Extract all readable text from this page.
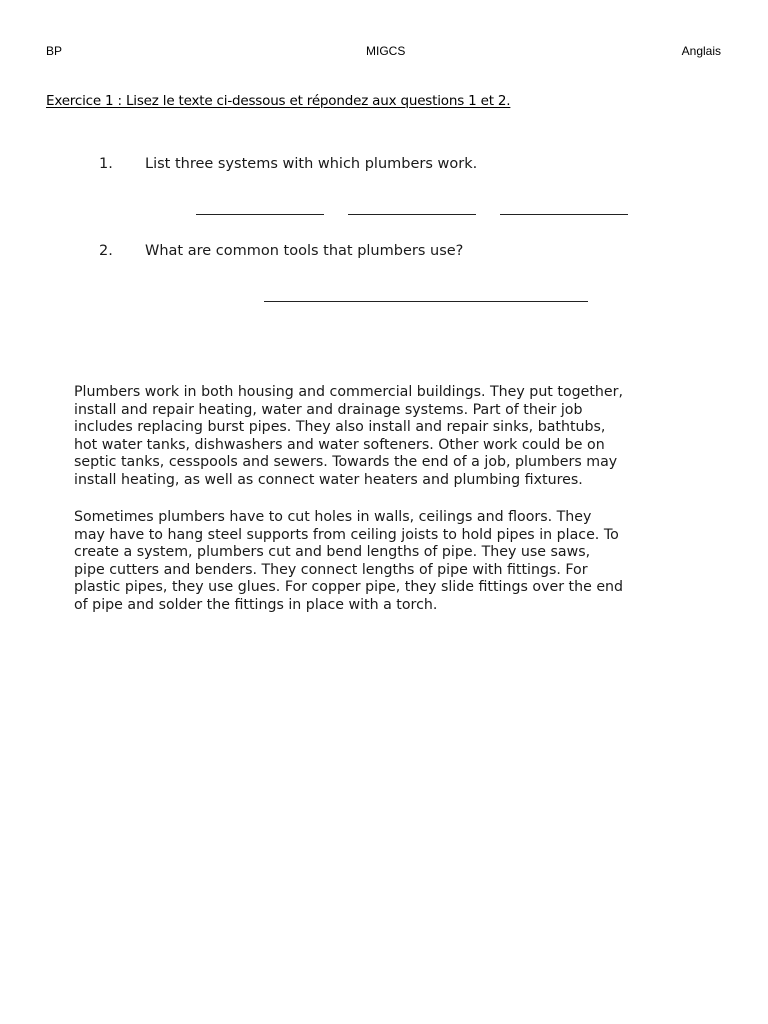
BP	MIGCS	Anglais
Exercice 1 : Lisez le texte ci-dessous et répondez aux questions 1 et 2.
1. List three systems with which plumbers work.
2. What are common tools that plumbers use?
Plumbers work in both housing and commercial buildings. They put together,
install and repair heating, water and drainage systems. Part of their job
includes replacing burst pipes. They also install and repair sinks, bathtubs,
hot water tanks, dishwashers and water softeners. Other work could be on
septic tanks, cesspools and sewers. Towards the end of a job, plumbers may
install heating, as well as connect water heaters and plumbing fixtures.
Sometimes plumbers have to cut holes in walls, ceilings and floors. They
may have to hang steel supports from ceiling joists to hold pipes in place. To
create a system, plumbers cut and bend lengths of pipe. They use saws,
pipe cutters and benders. They connect lengths of pipe with fittings. For
plastic pipes, they use glues. For copper pipe, they slide fittings over the end
of pipe and solder the fittings in place with a torch.
